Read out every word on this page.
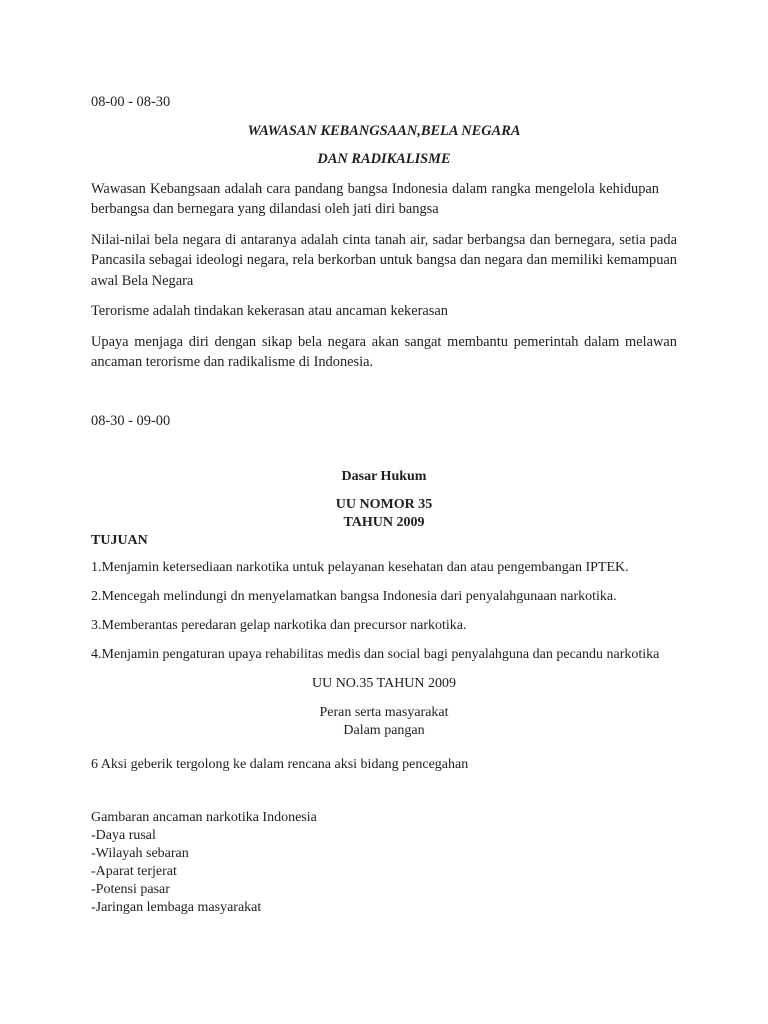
08-00 - 08-30

WAWASAN KEBANGSAAN,BELA NEGARA

DAN RADIKALISME

Wawasan Kebangsaan adalah cara pandang bangsa Indonesia dalam rangka mengelola kehidupanberbangsa dan bernegara yang dilandasi oleh jati diri bangsa

Nilai-nilai bela negara di antaranya adalah cinta tanah air, sadar berbangsa dan bernegara, setia pada Pancasila sebagai ideologi negara, rela berkorban untuk bangsa dan negara dan memiliki kemampuan awal Bela Negara

Terorisme adalah tindakan kekerasan atau ancaman kekerasan

Upaya menjaga diri dengan sikap bela negara akan sangat membantu pemerintah dalam melawan ancaman terorisme dan radikalisme di Indonesia.

08-30 - 09-00

Dasar Hukum

UU NOMOR 35

TAHUN 2009

TUJUAN

1.Menjamin ketersediaan narkotika untuk pelayanan kesehatan dan atau pengembangan IPTEK.

2.Mencegah melindungi dn menyelamatkan bangsa Indonesia dari penyalahgunaan narkotika.

3.Memberantas peredaran gelap narkotika dan precursor narkotika.

4.Menjamin pengaturan upaya rehabilitas medis dan social bagi penyalahguna dan pecandu narkotika

UU NO.35 TAHUN 2009

Peran serta masyarakat

Dalam pangan

6 Aksi geberik tergolong ke dalam rencana aksi bidang pencegahan

Gambaran ancaman narkotika Indonesia

-Daya rusal

-Wilayah sebaran

-Aparat terjerat

-Potensi pasar

-Jaringan lembaga masyarakat
